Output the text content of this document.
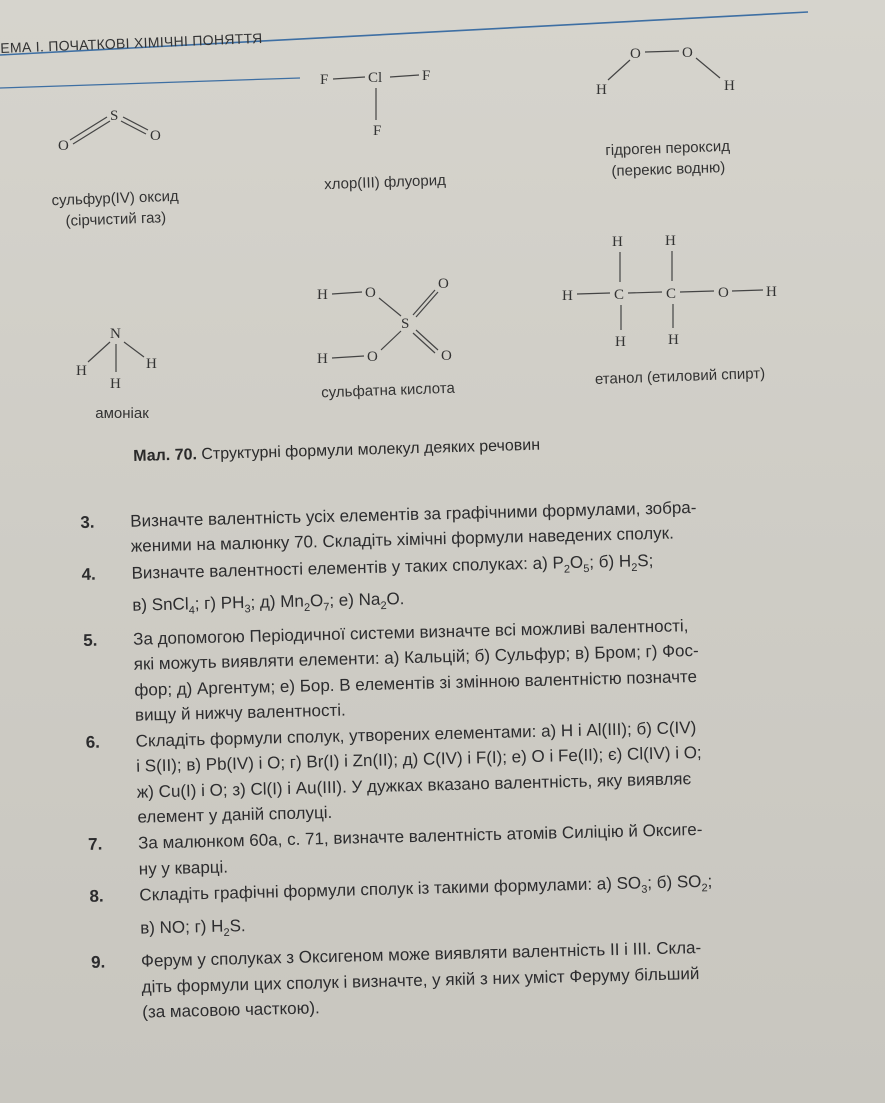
ЕМА І. ПОЧАТКОВІ ХІМІЧНІ ПОНЯТТЯ
S
O
O
сульфур(IV) оксид
(сірчистий газ)
F	Cl	F
F
хлор(III) флуорид
O	O
H	H
гідроген пероксид
(перекис водню)
N
H	H
H
амоніак
H O
O
S
H	O	O
сульфатна кислота
H	H
H	C	C	O H
H	H
етанол (етиловий спирт)
Мал. 70. Структурні формули молекул деяких речовин
3. Визначте валентність усіх елементів за графічними формулами, зобра-
женими на малюнку 70. Складіть хімічні формули наведених сполук.
4. Визначте валентності елементів у таких сполуках: а) $P_2O_5$; б) $H_2S$;
в) SnCl$_4$; г) $PH_3$; д) $Mn_2O_7$; е) $Na_2O$.
5. За допомогою Періодичної системи визначте всі можливі валентності,
які можуть виявляти елементи: а) Кальцій; б) Сульфур; в) Бром; г) Фос-
фор; д) Аргентум; е) Бор. В елементів зі змінною валентністю позначте
вищу й нижчу валентності.
6. Складіть формули сполук, утворених елементами: а) H і Al(III); б) C(IV)
і S(II); в) Pb(IV) і O; г) Br(I) і Zn(II); д) C(IV) і F(I); е) O і Fe(II); є) Cl(IV) і O;
ж) Cu(I) і O; з) Cl(I) і Au(III). У дужках вказано валентність, яку виявляє
елемент у даній сполуці.
7. За малюнком 60а, с. 71, визначте валентність атомів Силіцію й Оксиге-
ну у кварці.
8. Складіть графічні формули сполук із такими формулами: а) $SO_3$; б) $SO_2$;
в) NO; г) $H_2S$.
9. Ферум у сполуках з Оксигеном може виявляти валентність II і III. Скла-
діть формули цих сполук і визначте, у якій з них уміст Феруму більший
(за масовою часткою).
